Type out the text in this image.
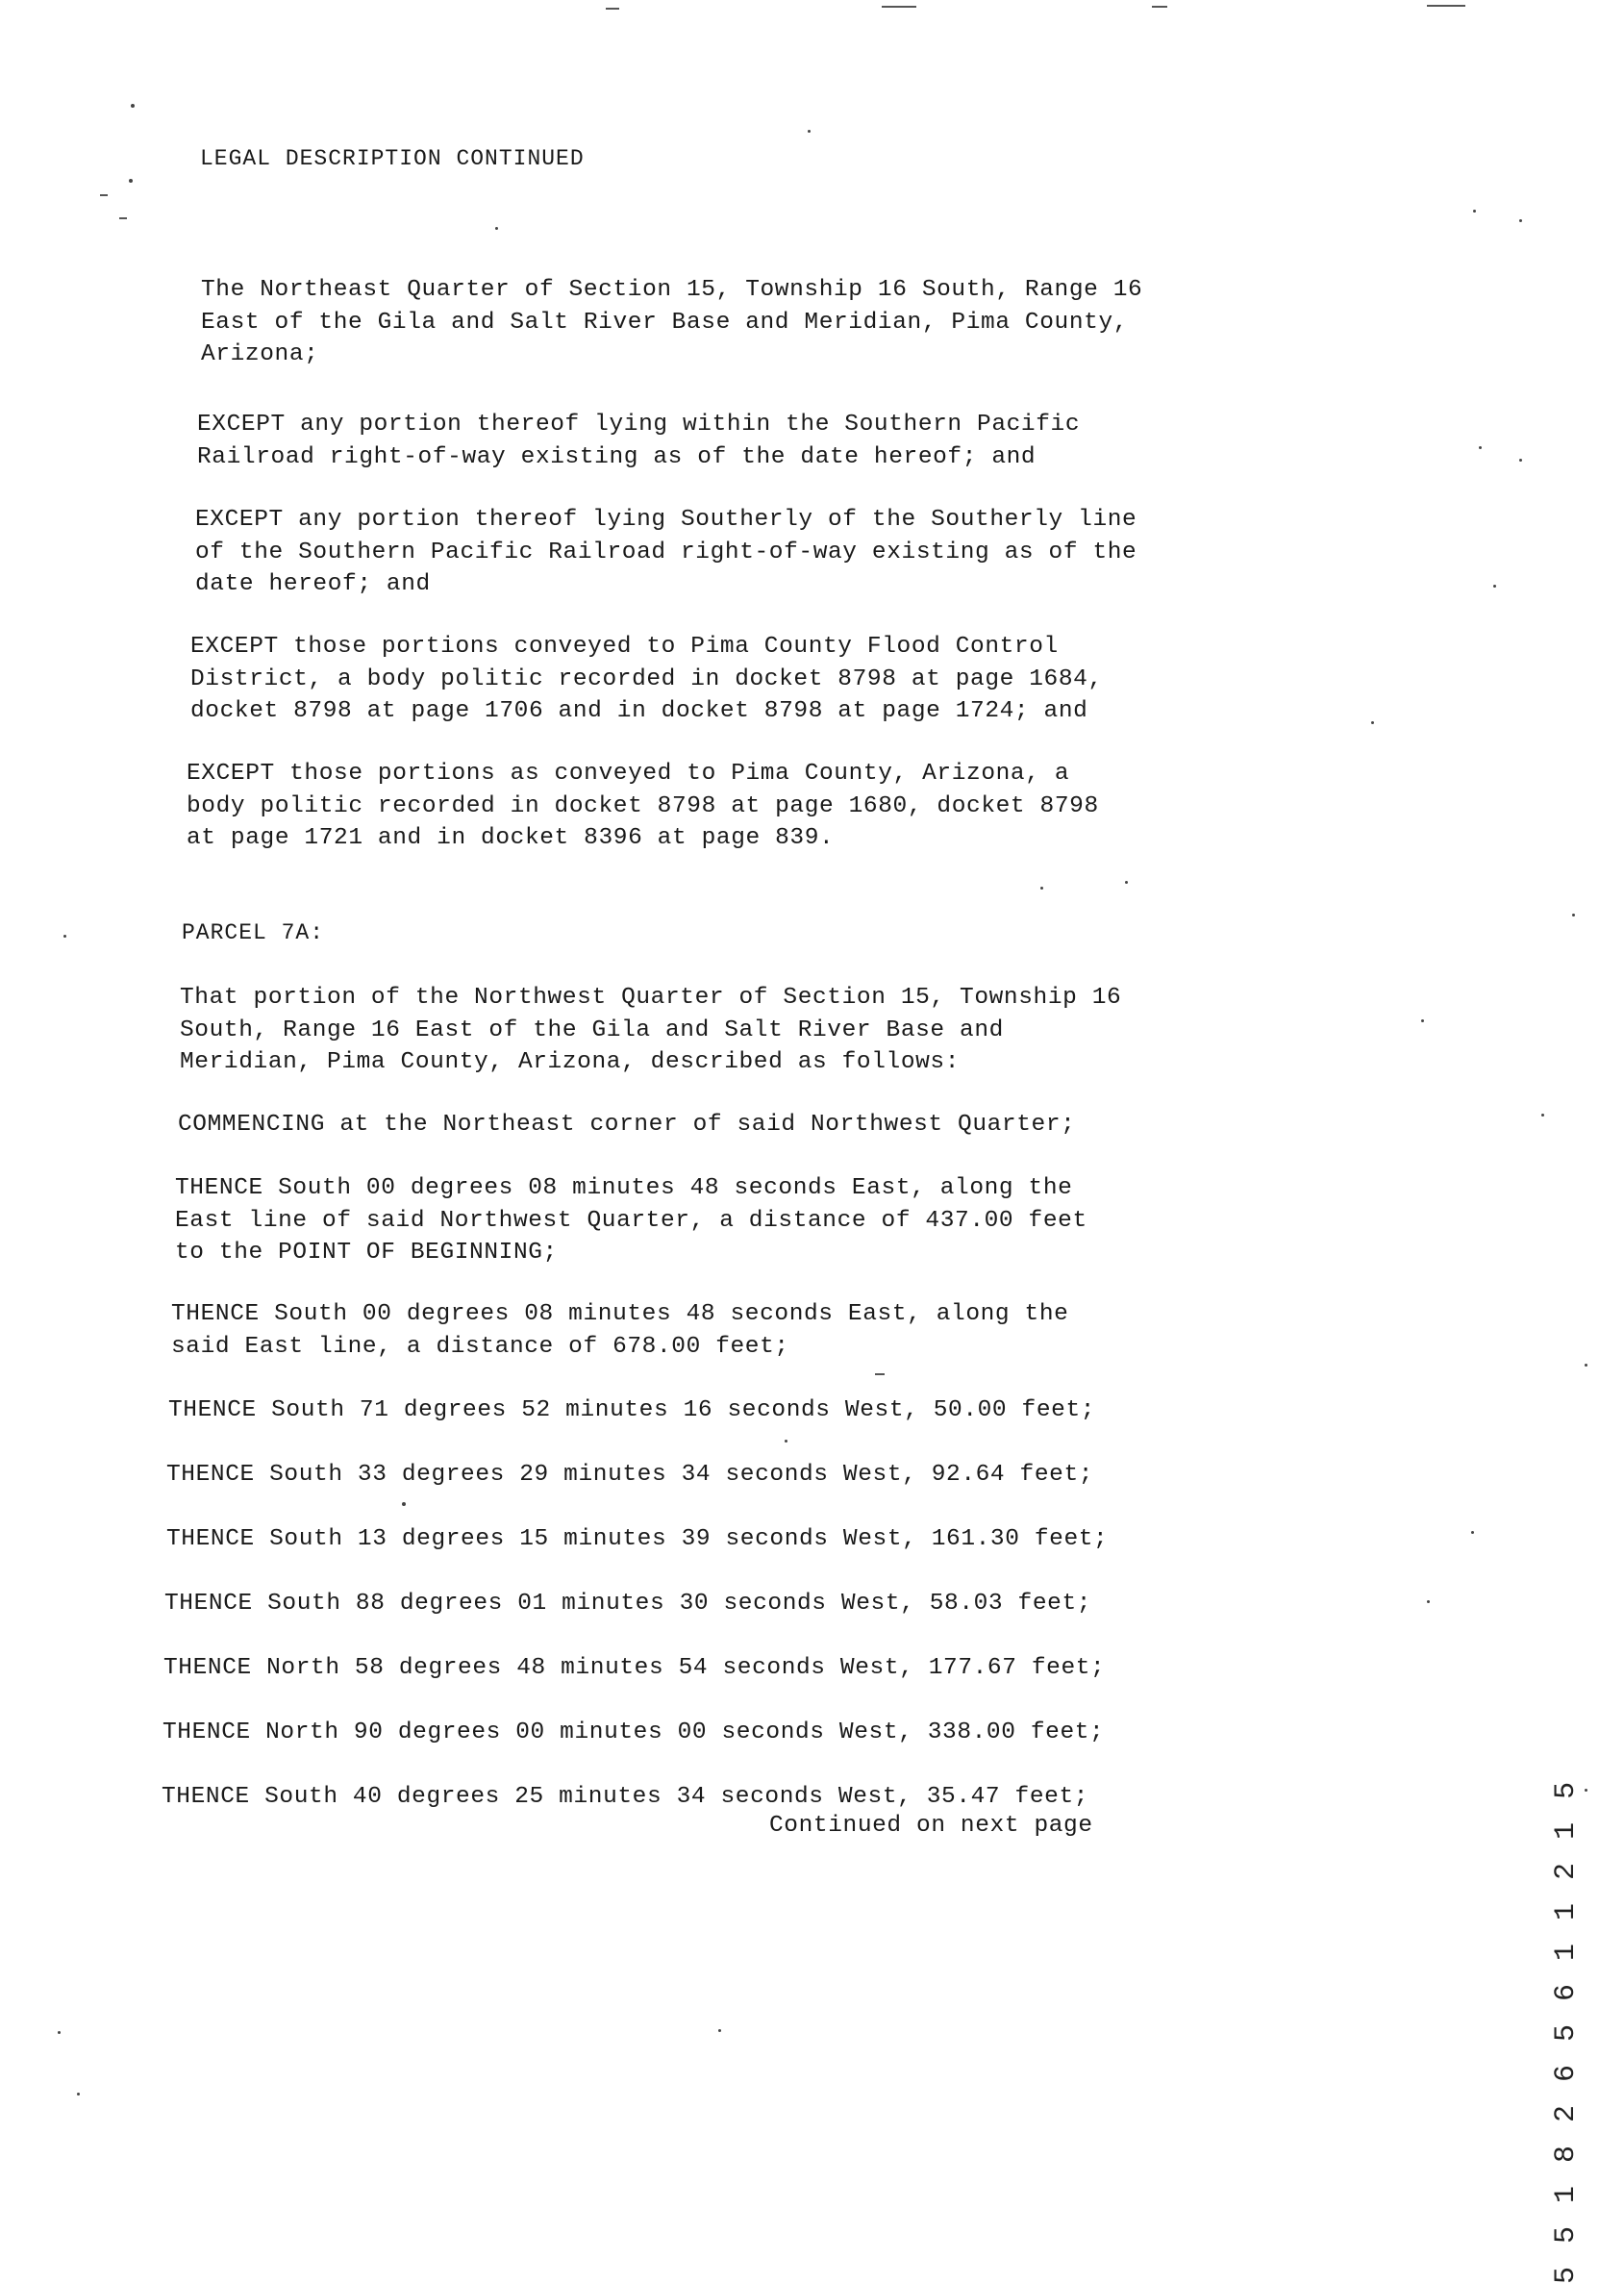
LEGAL DESCRIPTION CONTINUED
The Northeast Quarter of Section 15, Township 16 South, Range 16
East of the Gila and Salt River Base and Meridian, Pima County,
Arizona;
EXCEPT any portion thereof lying within the Southern Pacific
Railroad right-of-way existing as of the date hereof; and
EXCEPT any portion thereof lying Southerly of the Southerly line
of the Southern Pacific Railroad right-of-way existing as of the
date hereof; and
EXCEPT those portions conveyed to Pima County Flood Control
District, a body politic recorded in docket 8798 at page 1684,
docket 8798 at page 1706 and in docket 8798 at page 1724; and
EXCEPT those portions as conveyed to Pima County, Arizona, a
body politic recorded in docket 8798 at page 1680, docket 8798
at page 1721 and in docket 8396 at page 839.
PARCEL 7A:
That portion of the Northwest Quarter of Section 15, Township 16
South, Range 16 East of the Gila and Salt River Base and
Meridian, Pima County, Arizona, described as follows:
COMMENCING at the Northeast corner of said Northwest Quarter;
THENCE South 00 degrees 08 minutes 48 seconds East, along the
East line of said Northwest Quarter, a distance of 437.00 feet
to the POINT OF BEGINNING;
THENCE South 00 degrees 08 minutes 48 seconds East, along the
said East line, a distance of 678.00 feet;
THENCE South 71 degrees 52 minutes 16 seconds West, 50.00 feet;
THENCE South 33 degrees 29 minutes 34 seconds West, 92.64 feet;
THENCE South 13 degrees 15 minutes 39 seconds West, 161.30 feet;
THENCE South 88 degrees 01 minutes 30 seconds West, 58.03 feet;
THENCE North 58 degrees 48 minutes 54 seconds West, 177.67 feet;
THENCE North 90 degrees 00 minutes 00 seconds West, 338.00 feet;
THENCE South 40 degrees 25 minutes 34 seconds West, 35.47 feet;
Continued on next page	5 5 1 8 2 6 5 6 1 1 2 1 5
